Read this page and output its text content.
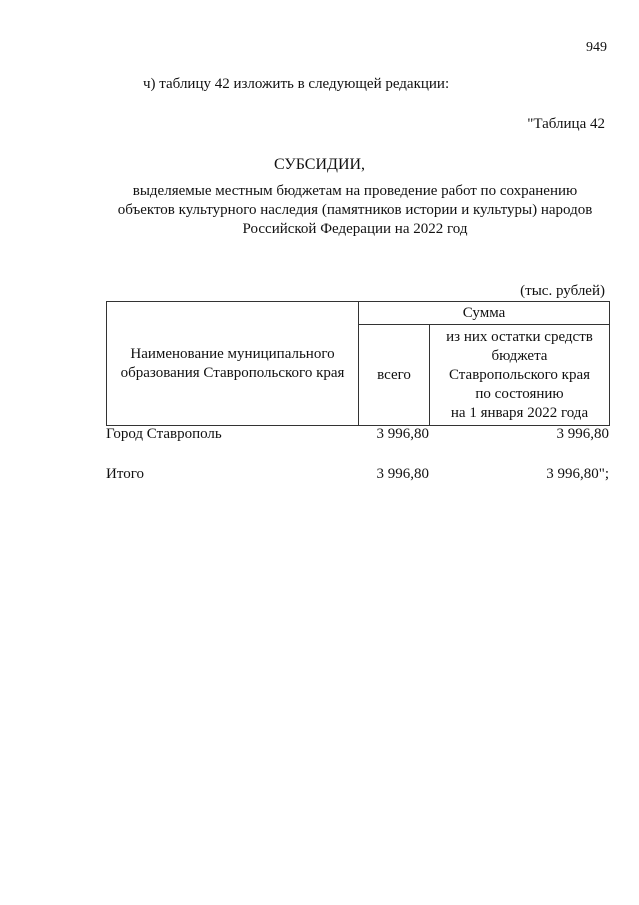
949
ч) таблицу 42 изложить в следующей редакции:
"Таблица 42
СУБСИДИИ,
выделяемые местным бюджетам на проведение работ по сохранению
объектов культурного наследия (памятников истории и культуры) народов
Российской Федерации на 2022 год
(тыс. рублей)
Наименование муниципального
образования Ставропольского края	Сумма	
	всего	из них остатки средств
бюджета
Ставропольского края
по состоянию
на 1 января 2022 года
Город Ставрополь	3 996,80	3 996,80
Итого	3 996,80	3 996,80";
